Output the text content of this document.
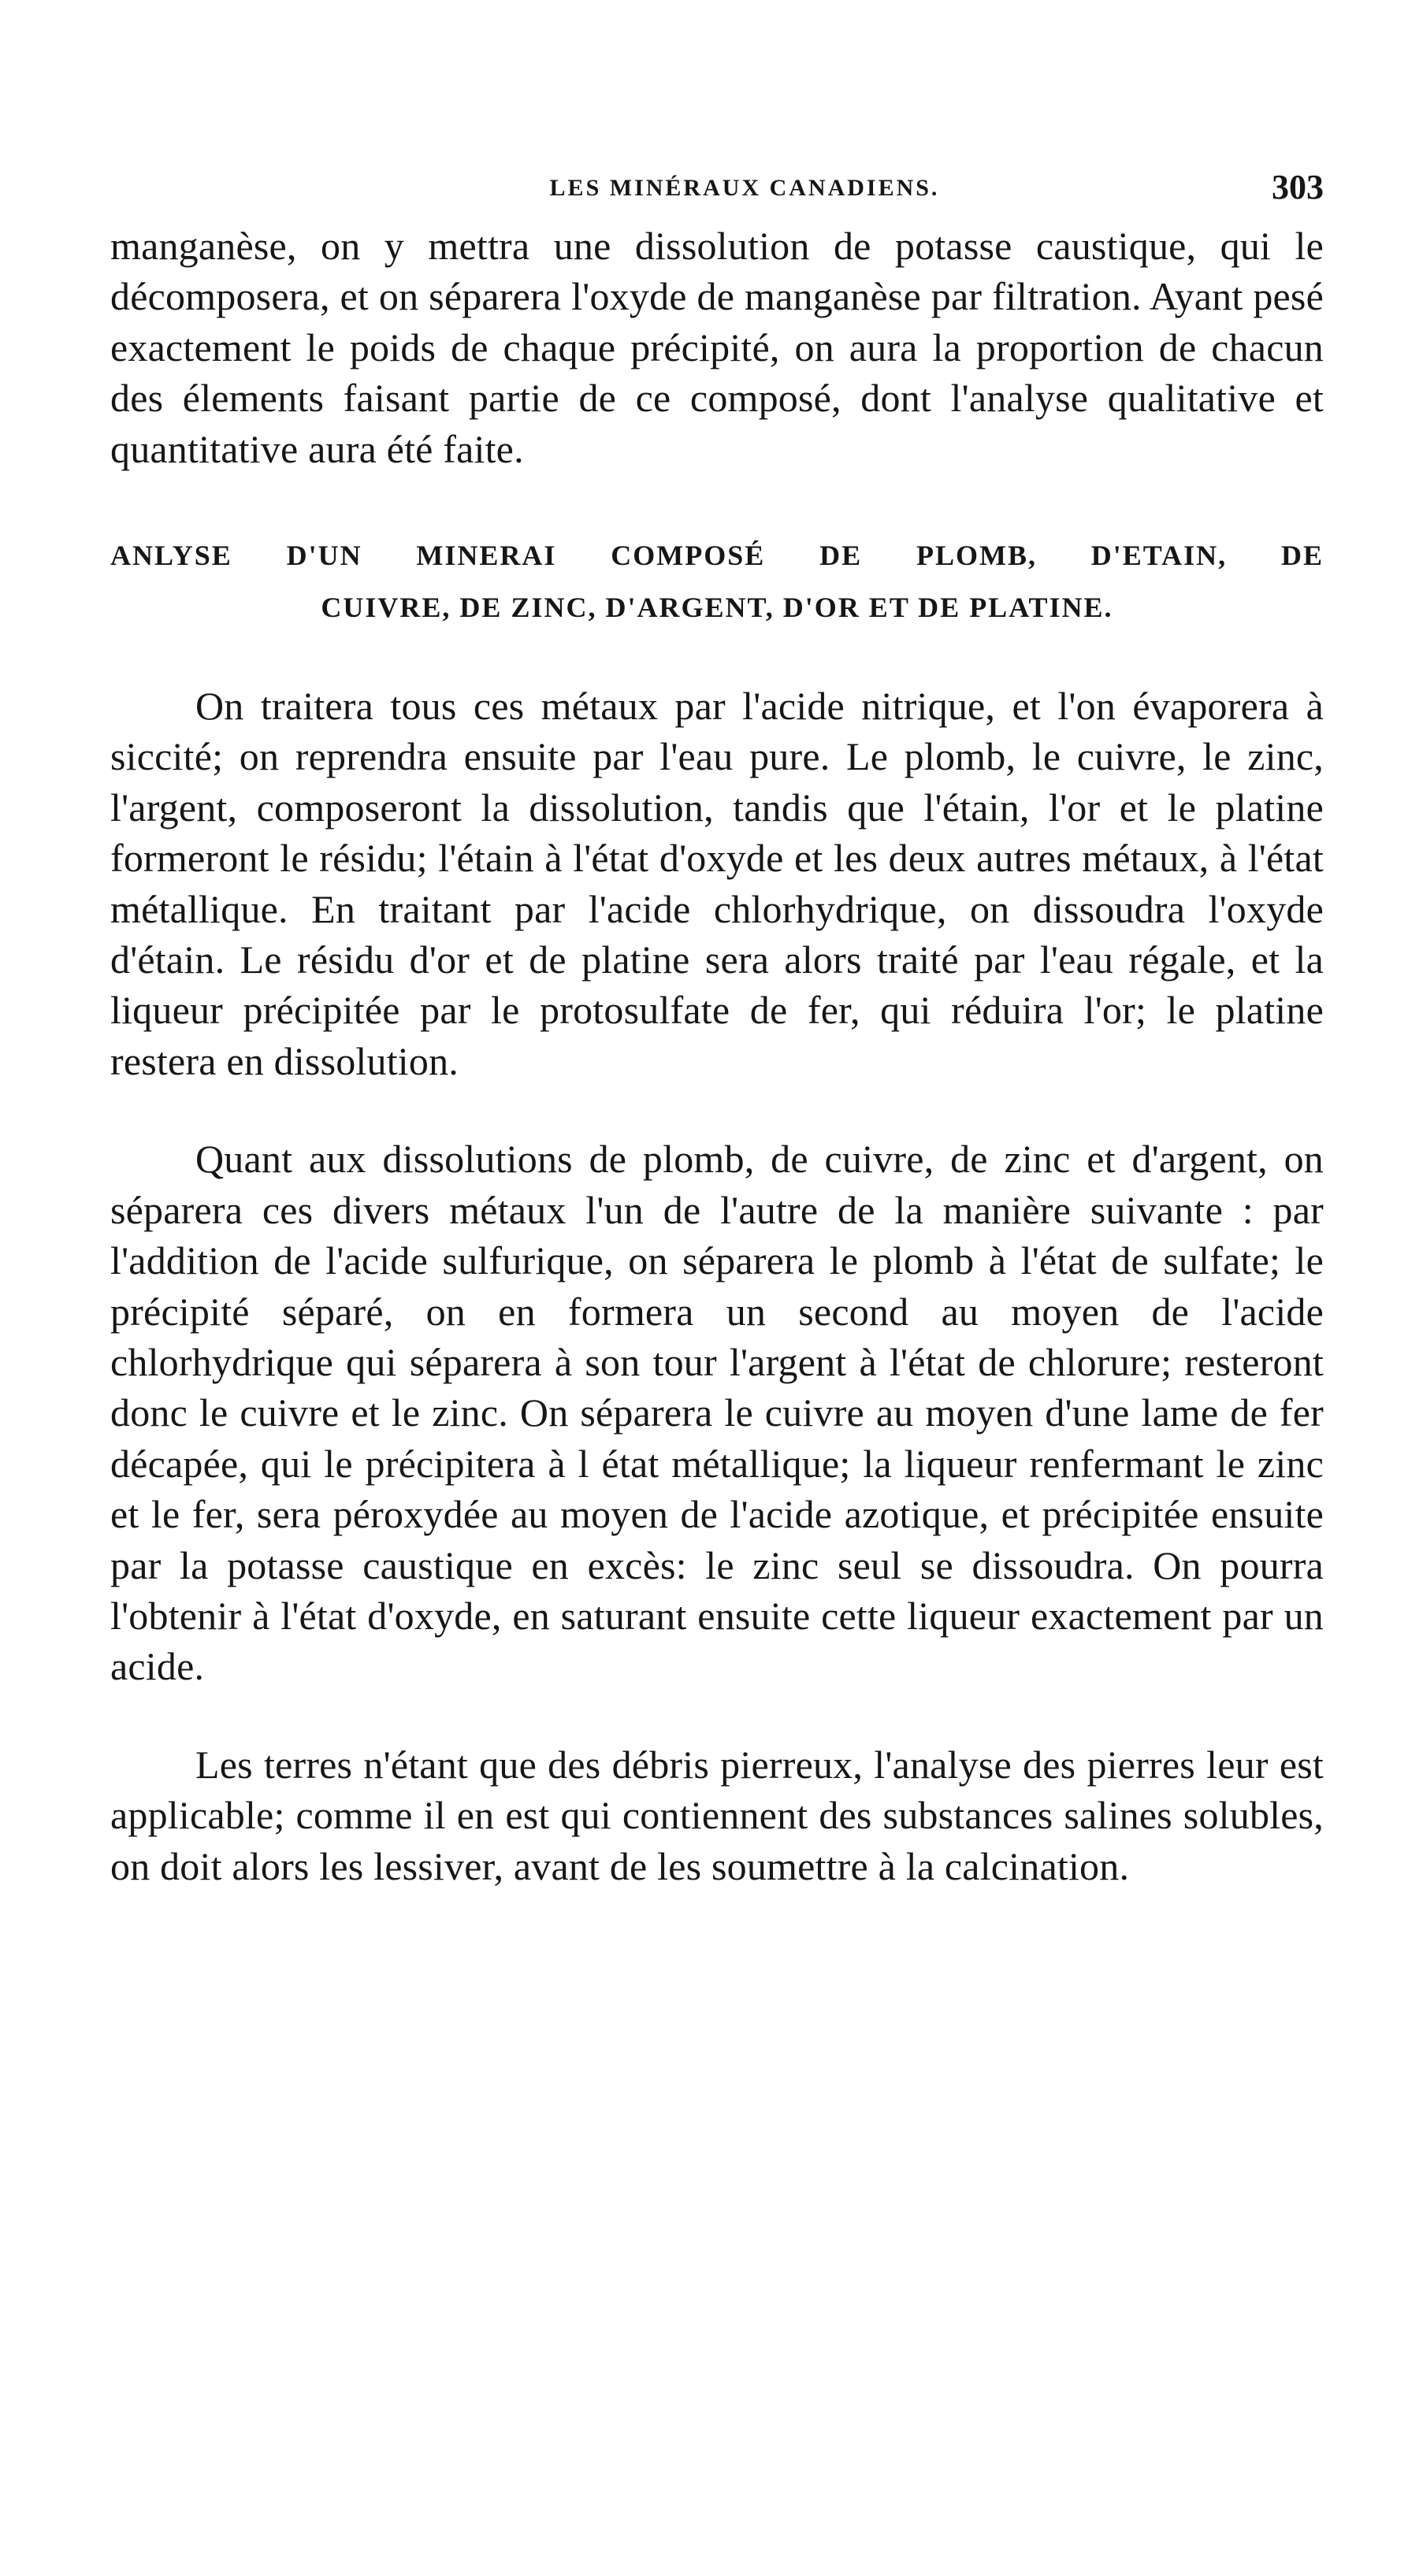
LES MINÉRAUX CANADIENS.	303

manganèse, on y mettra une dissolution de potasse caustique, qui le décomposera, et on séparera l'oxyde de manganèse par filtration. Ayant pesé exactement le poids de chaque précipité, on aura la proportion de chacun des élements faisant partie de ce composé, dont l'analyse qualitative et quantitative aura été faite.

ANLYSE D'UN MINERAI COMPOSÉ DE PLOMB, D'ETAIN, DE
CUIVRE, DE ZINC, D'ARGENT, D'OR ET DE PLATINE.

On traitera tous ces métaux par l'acide nitrique, et l'on évaporera à siccité; on reprendra ensuite par l'eau pure. Le plomb, le cuivre, le zinc, l'argent, composeront la dissolution, tandis que l'étain, l'or et le platine formeront le résidu; l'étain à l'état d'oxyde et les deux autres métaux, à l'état métallique. En traitant par l'acide chlorhydrique, on dissoudra l'oxyde d'étain. Le résidu d'or et de platine sera alors traité par l'eau régale, et la liqueur précipitée par le protosulfate de fer, qui réduira l'or; le platine restera en dissolution.

Quant aux dissolutions de plomb, de cuivre, de zinc et d'argent, on séparera ces divers métaux l'un de l'autre de la manière suivante : par l'addition de l'acide sulfurique, on séparera le plomb à l'état de sulfate; le précipité séparé, on en formera un second au moyen de l'acide chlorhydrique qui séparera à son tour l'argent à l'état de chlorure; resteront donc le cuivre et le zinc. On séparera le cuivre au moyen d'une lame de fer décapée, qui le précipitera à l état métallique; la liqueur renfermant le zinc et le fer, sera péroxydée au moyen de l'acide azotique, et précipitée ensuite par la potasse caustique en excès: le zinc seul se dissoudra. On pourra l'obtenir à l'état d'oxyde, en saturant ensuite cette liqueur exactement par un acide.

Les terres n'étant que des débris pierreux, l'analyse des pierres leur est applicable; comme il en est qui contiennent des substances salines solubles, on doit alors les lessiver, avant de les soumettre à la calcination.
